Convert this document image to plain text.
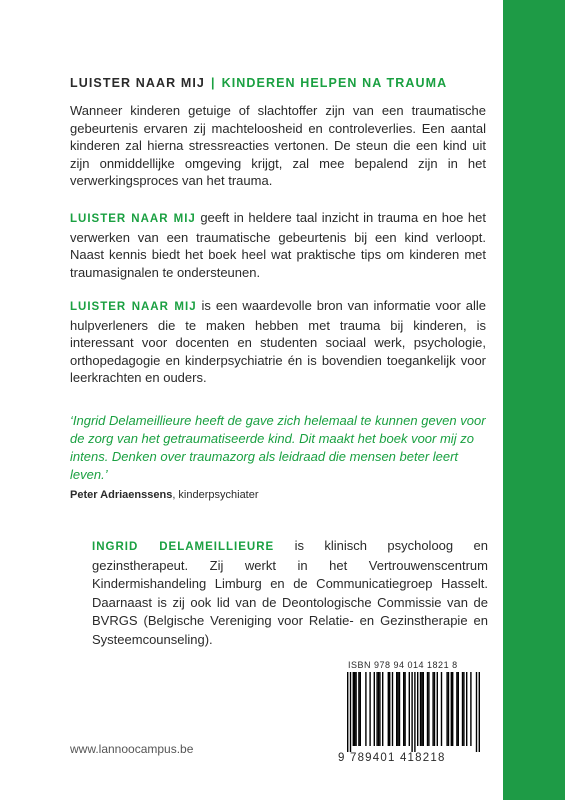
LUISTER NAAR MIJ | KINDEREN HELPEN NA TRAUMA

Wanneer kinderen getuige of slachtoffer zijn van een traumatische gebeurtenis ervaren zij machteloosheid en controleverlies. Een aantal kinderen zal hierna stressreacties vertonen. De steun die een kind uit zijn onmiddellijke omgeving krijgt, zal mee bepalend zijn in het verwerkingsproces van het trauma.

LUISTER NAAR MIJ geeft in heldere taal inzicht in trauma en hoe het verwerken van een traumatische gebeurtenis bij een kind verloopt. Naast kennis biedt het boek heel wat praktische tips om kinderen met traumasignalen te ondersteunen.

LUISTER NAAR MIJ is een waardevolle bron van informatie voor alle hulpverleners die te maken hebben met trauma bij kinderen, is interessant voor docenten en studenten sociaal werk, psychologie, orthopedagogie en kinderpsychiatrie én is bovendien toegankelijk voor leerkrachten en ouders.

‘Ingrid Delameillieure heeft de gave zich helemaal te kunnen geven voor de zorg van het getraumatiseerde kind. Dit maakt het boek voor mij zo intens. Denken over traumazorg als leidraad die mensen beter leert leven.’

Peter Adriaenssens, kinderpsychiater

INGRID DELAMEILLIEURE is klinisch psycholoog en gezinstherapeut. Zij werkt in het Vertrouwenscentrum Kindermishandeling Limburg en de Communicatiegroep Hasselt. Daarnaast is zij ook lid van de Deontologische Commissie van de BVRGS (Belgische Vereniging voor Relatie- en Gezinstherapie en Systeemcounseling).

ISBN 978 94 014 1821 8
9 789401 418218
www.lannoocampus.be
